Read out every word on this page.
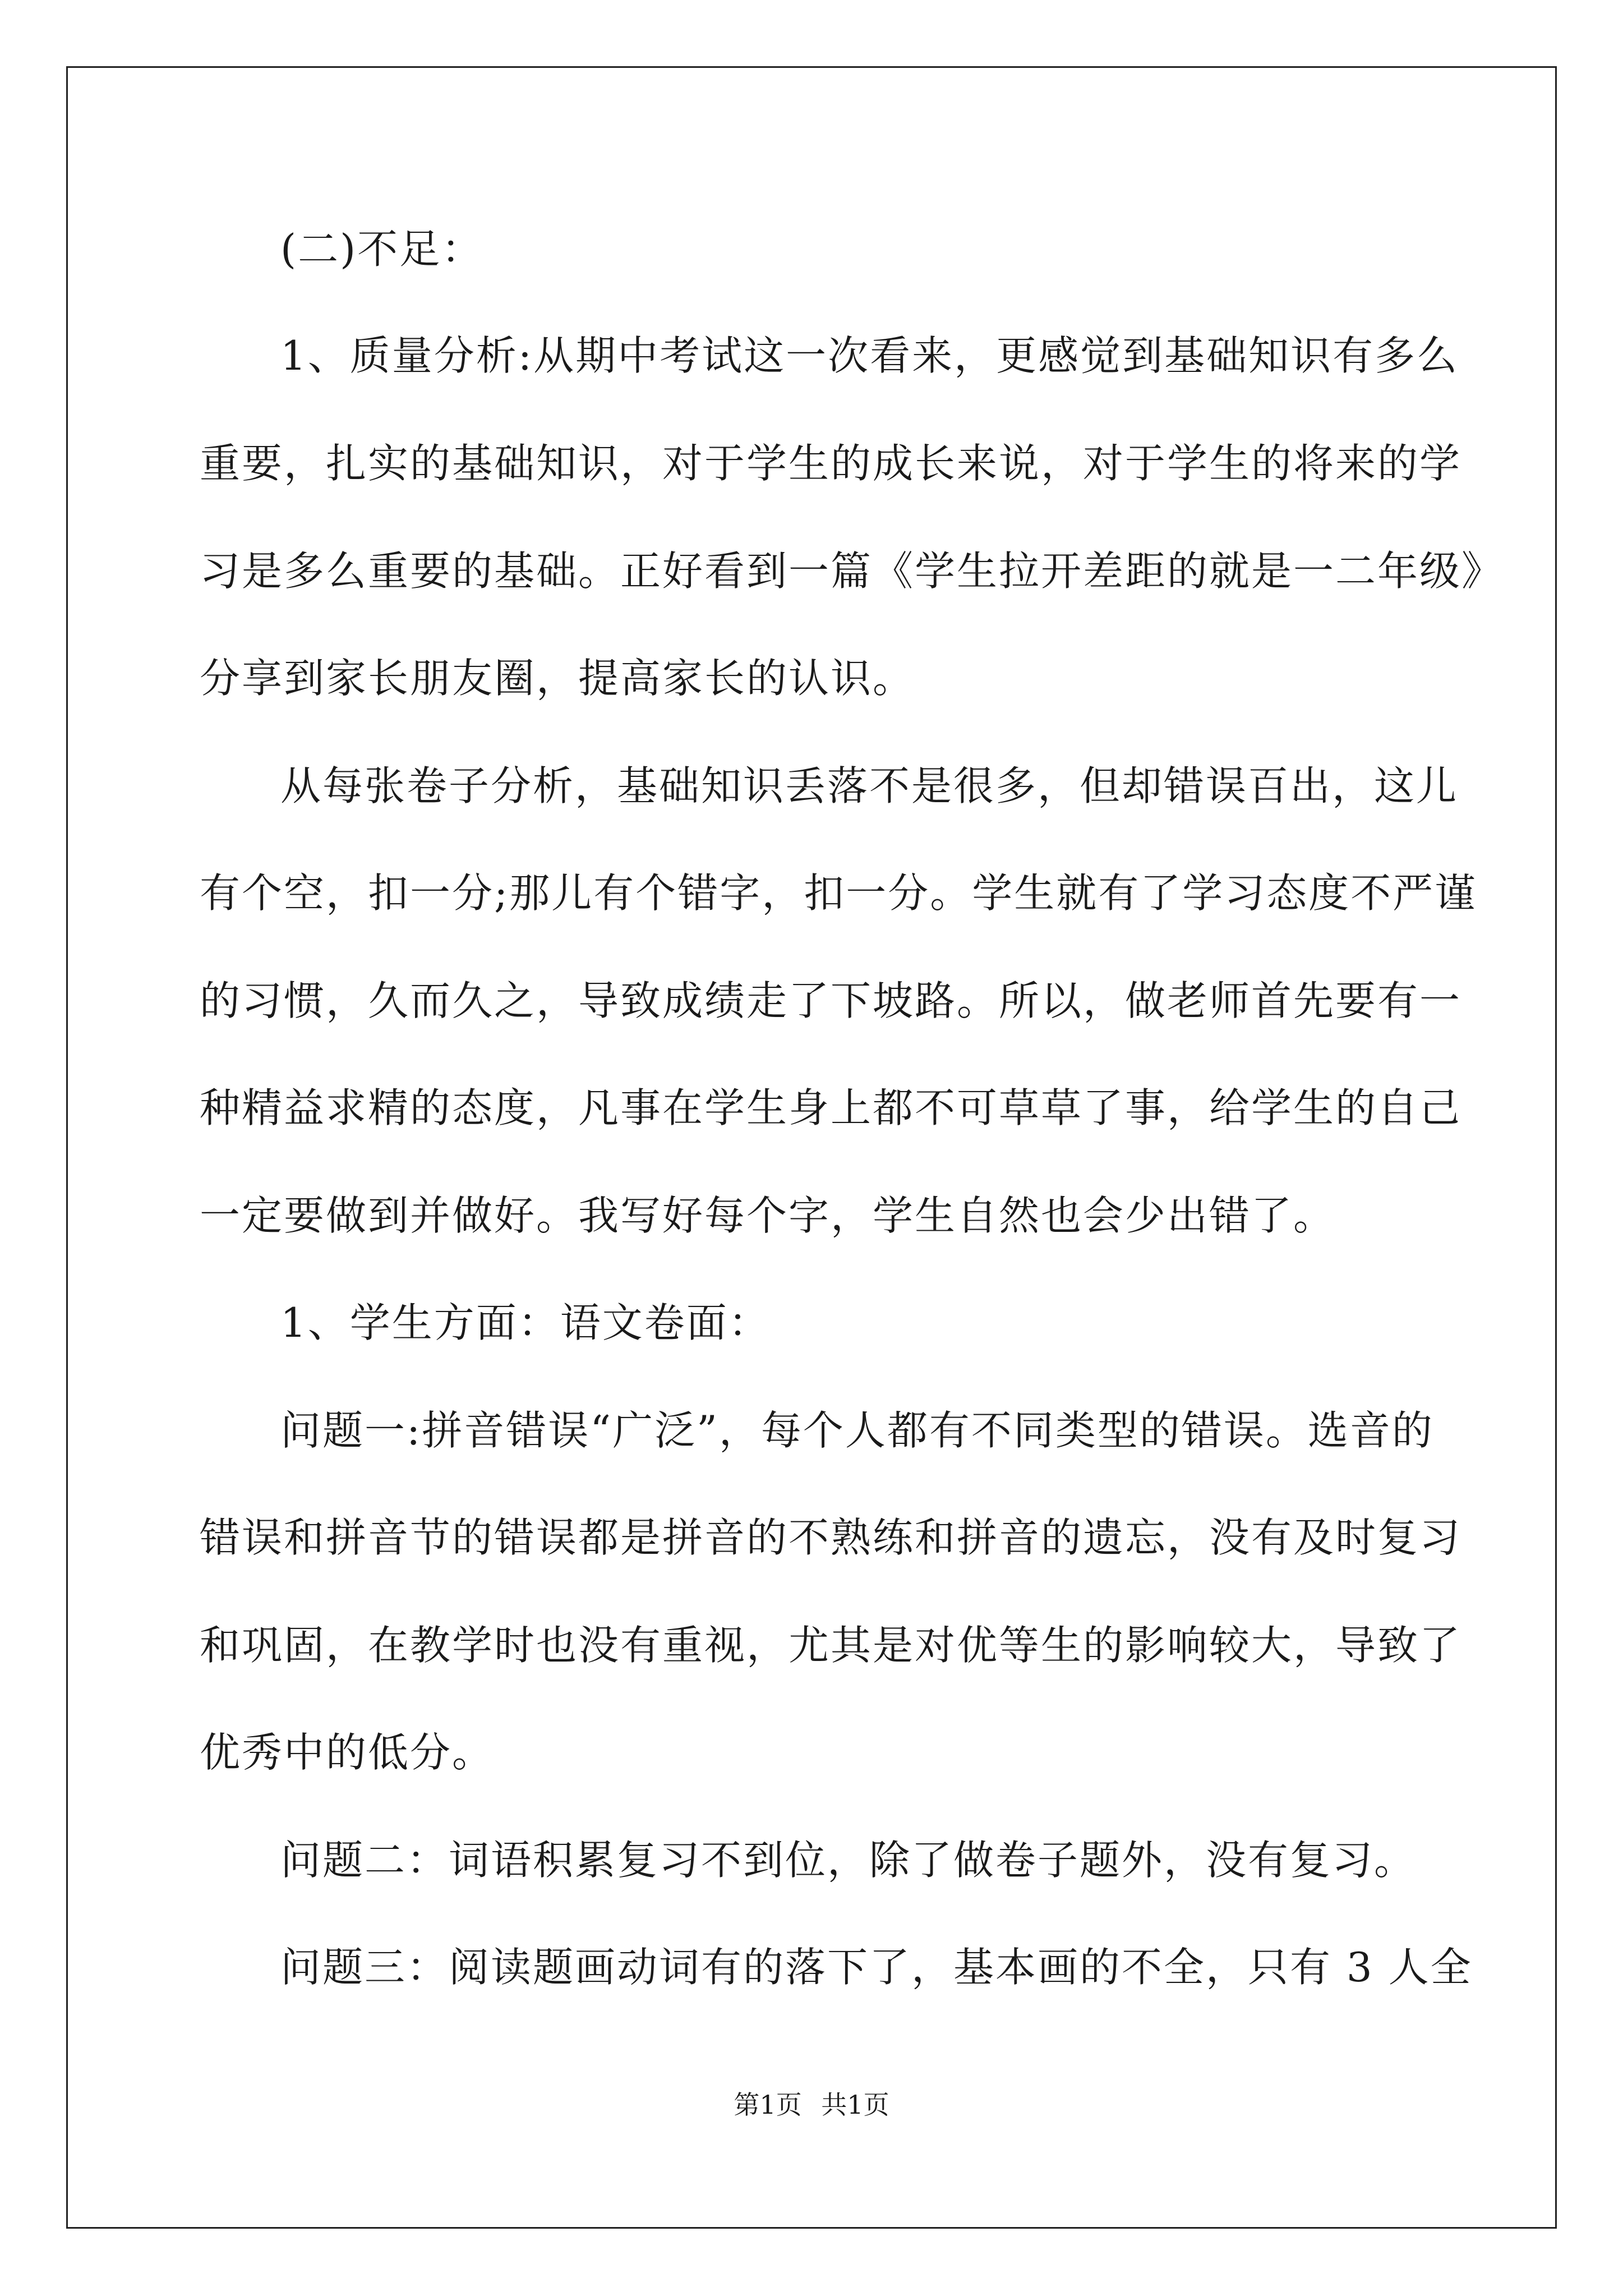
(二)不足：
1、质量分析:从期中考试这一次看来，更感觉到基础知识有多么
重要，扎实的基础知识，对于学生的成长来说，对于学生的将来的学
习是多么重要的基础。正好看到一篇《学生拉开差距的就是一二年级》
分享到家长朋友圈，提高家长的认识。
从每张卷子分析，基础知识丢落不是很多，但却错误百出，这儿
有个空，扣一分;那儿有个错字，扣一分。学生就有了学习态度不严谨
的习惯，久而久之，导致成绩走了下坡路。所以，做老师首先要有一
种精益求精的态度，凡事在学生身上都不可草草了事，给学生的自己
一定要做到并做好。我写好每个字，学生自然也会少出错了。
1、学生方面：语文卷面：
问题一:拼音错误“广泛”，每个人都有不同类型的错误。选音的
错误和拼音节的错误都是拼音的不熟练和拼音的遗忘，没有及时复习
和巩固，在教学时也没有重视，尤其是对优等生的影响较大，导致了
优秀中的低分。
问题二：词语积累复习不到位，除了做卷子题外，没有复习。
问题三：阅读题画动词有的落下了，基本画的不全，只有 3 人全
第1页 共1页
